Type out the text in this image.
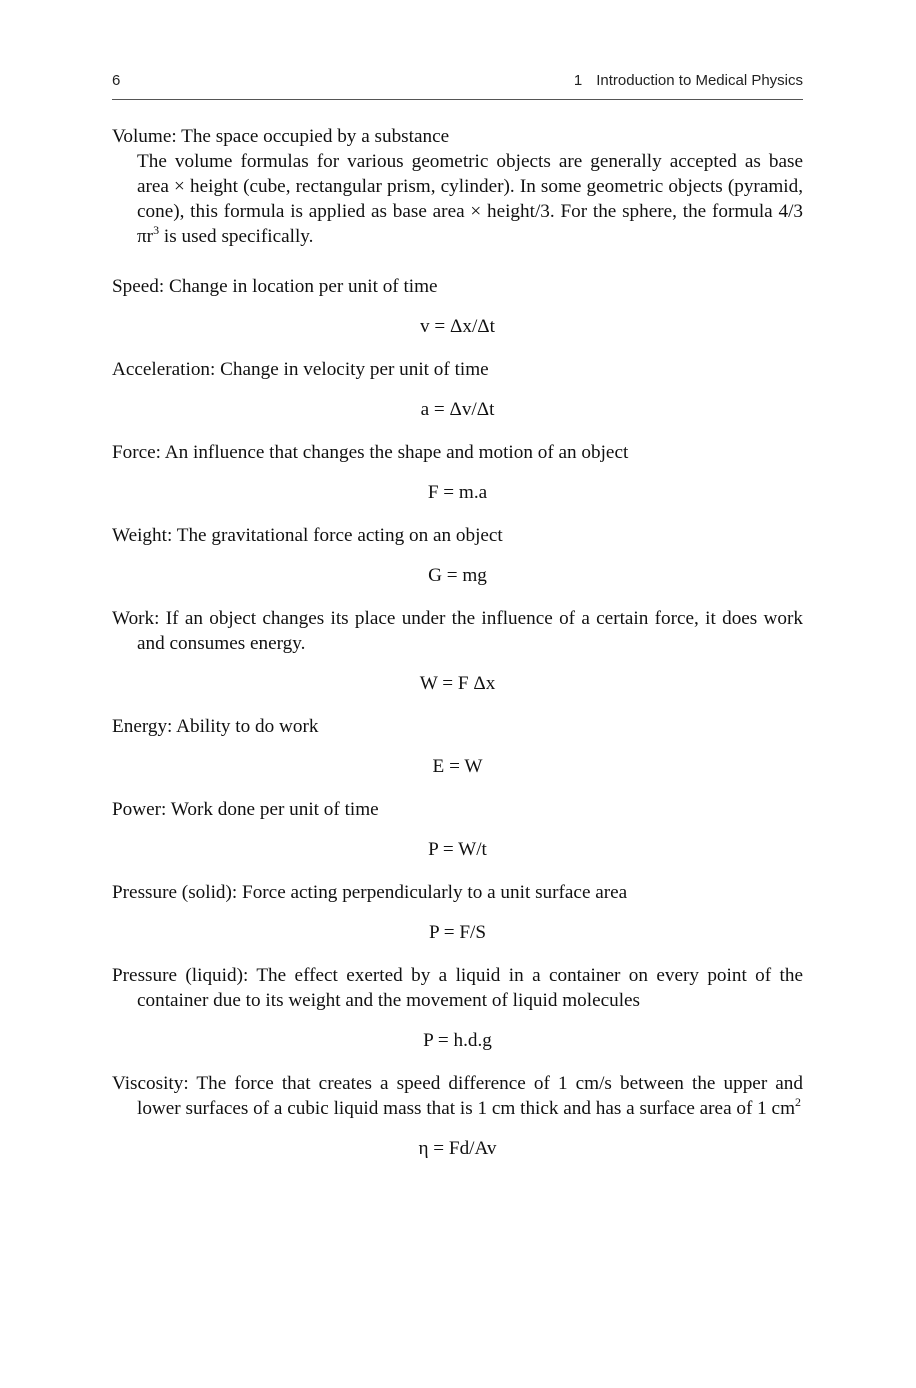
6	1 Introduction to Medical Physics

Volume: The space occupied by a substance

The volume formulas for various geometric objects are generally accepted as base area × height (cube, rectangular prism, cylinder). In some geometric objects (pyramid, cone), this formula is applied as base area × height/3. For the sphere, the formula 4/3 $\pi r^3$ is used specifically.

Speed: Change in location per unit of time

v = Δx/Δt

Acceleration: Change in velocity per unit of time

a = Δv/Δt

Force: An influence that changes the shape and motion of an object

F = m.a

Weight: The gravitational force acting on an object

G = mg

Work: If an object changes its place under the influence of a certain force, it does work and consumes energy.

W = F Δx

Energy: Ability to do work

E = W

Power: Work done per unit of time

P = W/t

Pressure (solid): Force acting perpendicularly to a unit surface area

P = F/S

Pressure (liquid): The effect exerted by a liquid in a container on every point of the container due to its weight and the movement of liquid molecules

P = h.d.g

Viscosity: The force that creates a speed difference of 1 cm/s between the upper and lower surfaces of a cubic liquid mass that is 1 cm thick and has a surface area of 1 $cm^2$

η = Fd/Av
